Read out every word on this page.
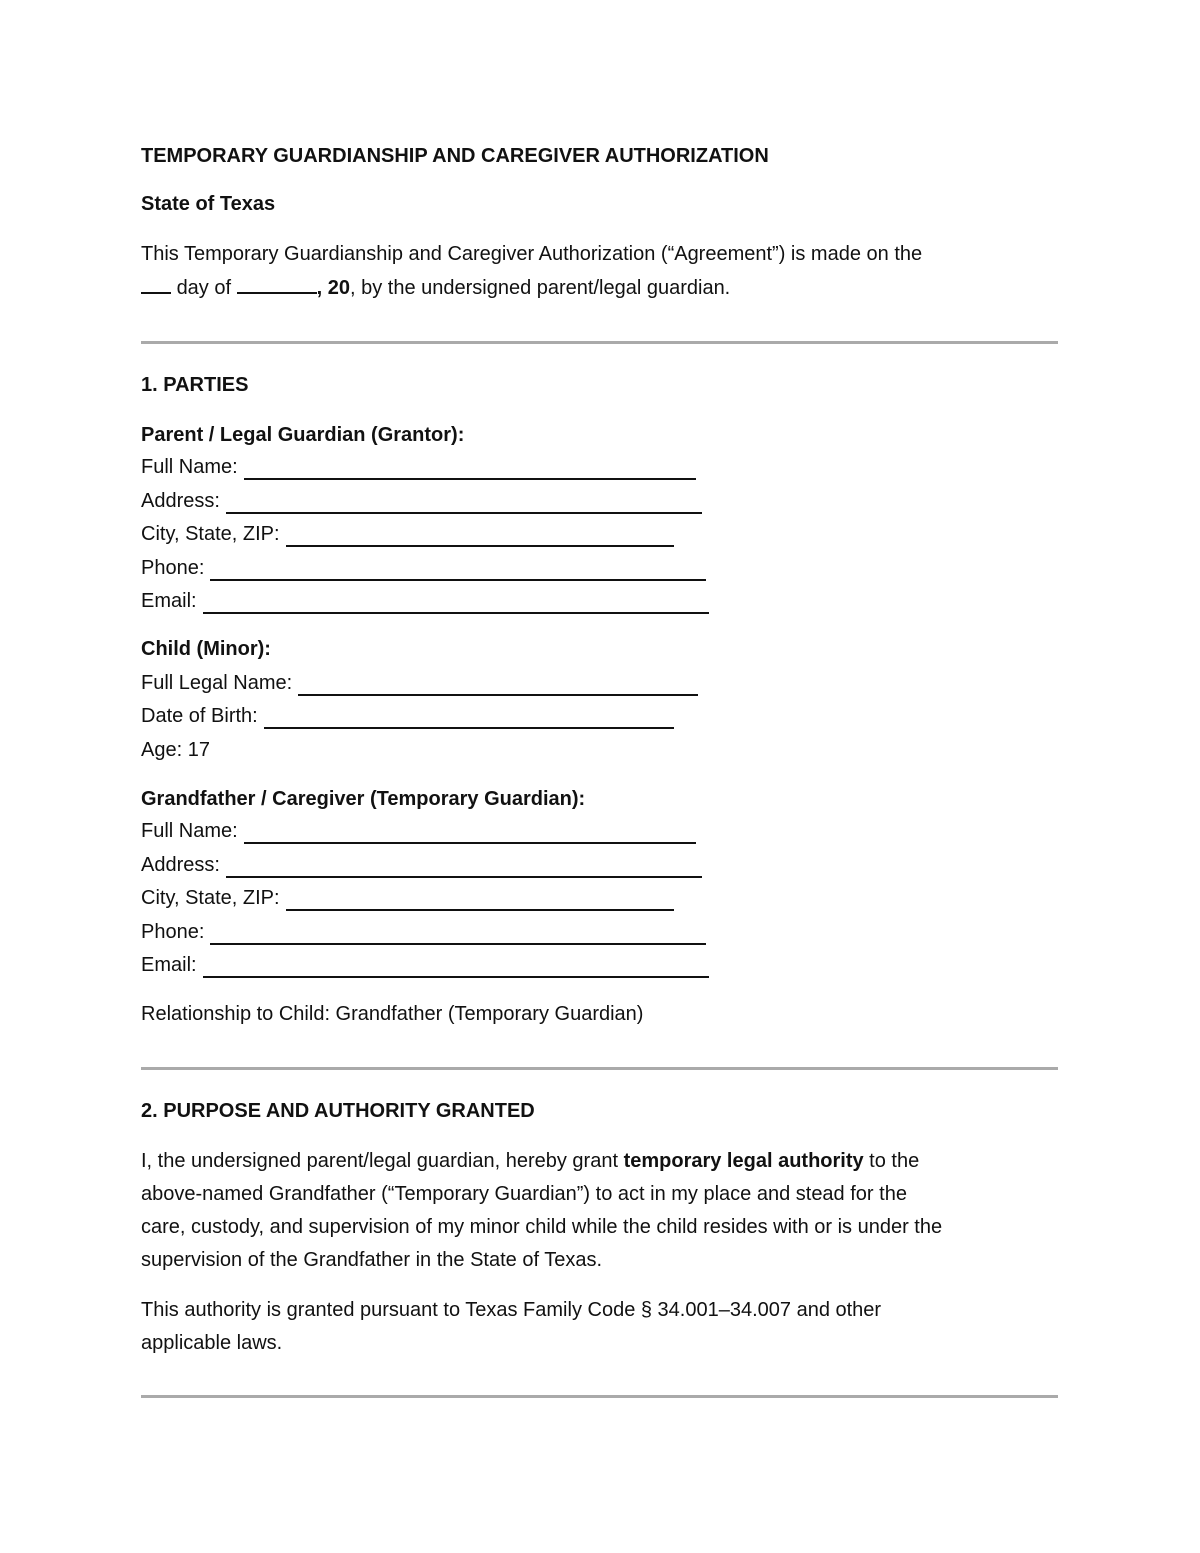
TEMPORARY GUARDIANSHIP AND CAREGIVER AUTHORIZATION
State of Texas
This Temporary Guardianship and Caregiver Authorization (“Agreement”) is made on the
day of	, 20, by the undersigned parent/legal guardian.
1. PARTIES
Parent / Legal Guardian (Grantor):
Full Name:
Address:
City, State, ZIP:
Phone:
Email:
Child (Minor):
Full Legal Name:
Date of Birth:
Age: 17
Grandfather / Caregiver (Temporary Guardian):
Full Name:
Address:
City, State, ZIP:
Phone:
Email:
Relationship to Child: Grandfather (Temporary Guardian)
2. PURPOSE AND AUTHORITY GRANTED
I, the undersigned parent/legal guardian, hereby grant temporary legal authority to the
above-named Grandfather (“Temporary Guardian”) to act in my place and stead for the
care, custody, and supervision of my minor child while the child resides with or is under the
supervision of the Grandfather in the State of Texas.
This authority is granted pursuant to Texas Family Code § 34.001–34.007 and other
applicable laws.
